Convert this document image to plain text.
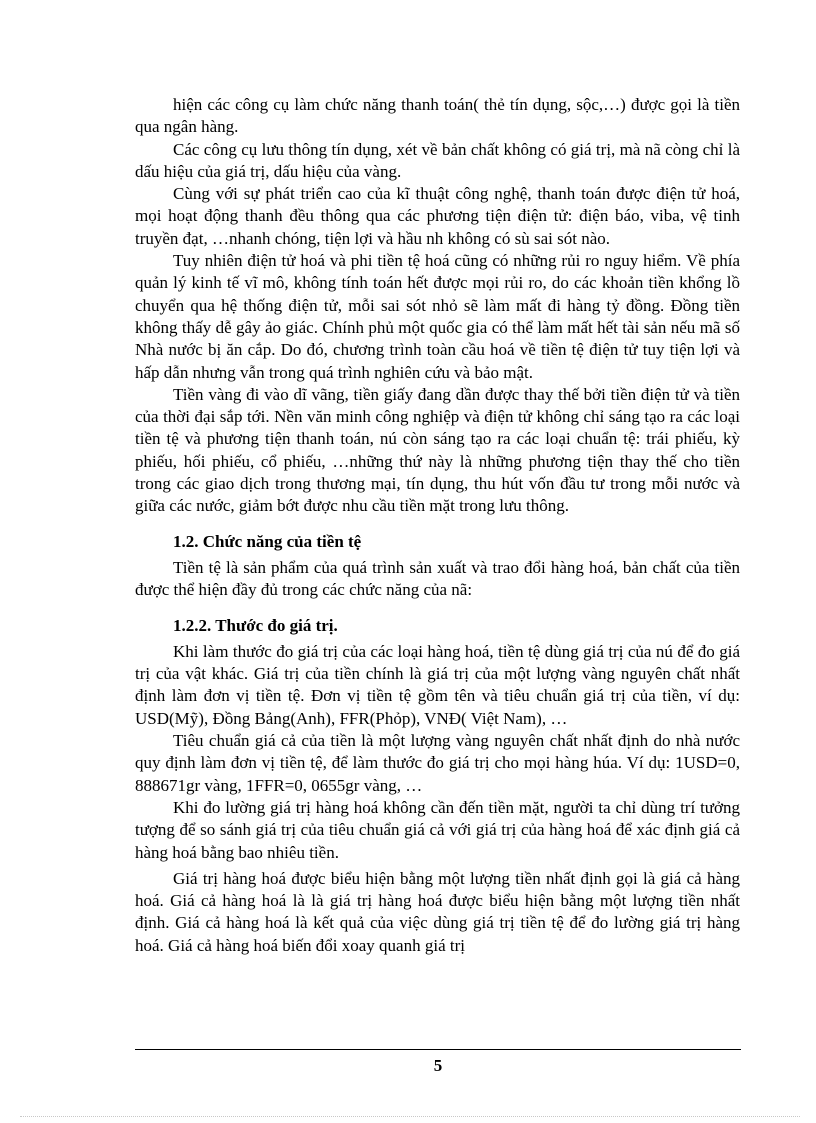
hiện các công cụ làm chức năng thanh toán( thẻ tín dụng, sộc,…) được gọi là tiền qua ngân hàng.

Các công cụ lưu thông tín dụng, xét về bản chất không có giá trị, mà nã còng chỉ là dấu hiệu của giá trị, dấu hiệu của vàng.

Cùng với sự phát triển cao của kĩ thuật công nghệ, thanh toán được điện tử hoá, mọi hoạt động thanh đều thông qua các phương tiện điện tử: điện báo, viba, vệ tinh truyền đạt, …nhanh chóng, tiện lợi và hầu nh không có sù sai sót nào.

Tuy nhiên điện tử hoá và phi tiền tệ hoá cũng có những rủi ro nguy hiểm. Về phía quản lý kinh tế vĩ mô, không tính toán hết được mọi rủi ro, do các khoản tiền khổng lồ chuyển qua hệ thống điện tử, mỗi sai sót nhỏ sẽ làm mất đi hàng tỷ đồng. Đồng tiền không thấy dễ gây ảo giác. Chính phủ một quốc gia có thể làm mất hết tài sản nếu mã số Nhà nước bị ăn cắp. Do đó, chương trình toàn cầu hoá về tiền tệ điện tử tuy tiện lợi và hấp dẫn nhưng vẫn trong quá trình nghiên cứu và bảo mật.

Tiền vàng đi vào dĩ vãng, tiền giấy đang dần được thay thế bởi tiền điện tử và tiền của thời đại sắp tới. Nền văn minh công nghiệp và điện tử không chỉ sáng tạo ra các loại tiền tệ và phương tiện thanh toán, nú còn sáng tạo ra các loại chuẩn tệ: trái phiếu, kỳ phiếu, hối phiếu, cổ phiếu, …những thứ này là những phương tiện thay thế cho tiền trong các giao dịch trong thương mại, tín dụng, thu hút vốn đầu tư trong mỗi nước và giữa các nước, giảm bớt được nhu cầu tiền mặt trong lưu thông.

1.2. Chức năng của tiền tệ

Tiền tệ là sản phẩm của quá trình sản xuất và trao đổi hàng hoá, bản chất của tiền được thể hiện đầy đủ trong các chức năng của nã:

1.2.2. Thước đo giá trị.

Khi làm thước đo giá trị của các loại hàng hoá, tiền tệ dùng giá trị của nú để đo giá trị của vật khác. Giá trị của tiền chính là giá trị của một lượng vàng nguyên chất nhất định làm đơn vị tiền tệ. Đơn vị tiền tệ gồm tên và tiêu chuẩn giá trị của tiền, ví dụ: USD(Mỹ), Đồng Bảng(Anh), FFR(Phỏp), VNĐ( Việt Nam), …

Tiêu chuẩn giá cả của tiền là một lượng vàng nguyên chất nhất định do nhà nước quy định làm đơn vị tiền tệ, để làm thước đo giá trị cho mọi hàng húa. Ví dụ: 1USD=0, 888671gr vàng, 1FFR=0, 0655gr vàng, …

Khi đo lường giá trị hàng hoá không cần đến tiền mặt, người ta chỉ dùng trí tưởng tượng để so sánh giá trị của tiêu chuẩn giá cả với giá trị của hàng hoá để xác định giá cả hàng hoá bằng bao nhiêu tiền.

Giá trị hàng hoá được biểu hiện bằng một lượng tiền nhất định gọi là giá cả hàng hoá. Giá cả hàng hoá là là giá trị hàng hoá được biểu hiện bằng một lượng tiền nhất định. Giá cả hàng hoá là kết quả của việc dùng giá trị tiền tệ để đo lường giá trị hàng hoá. Giá cả hàng hoá biến đổi xoay quanh giá trị

5
